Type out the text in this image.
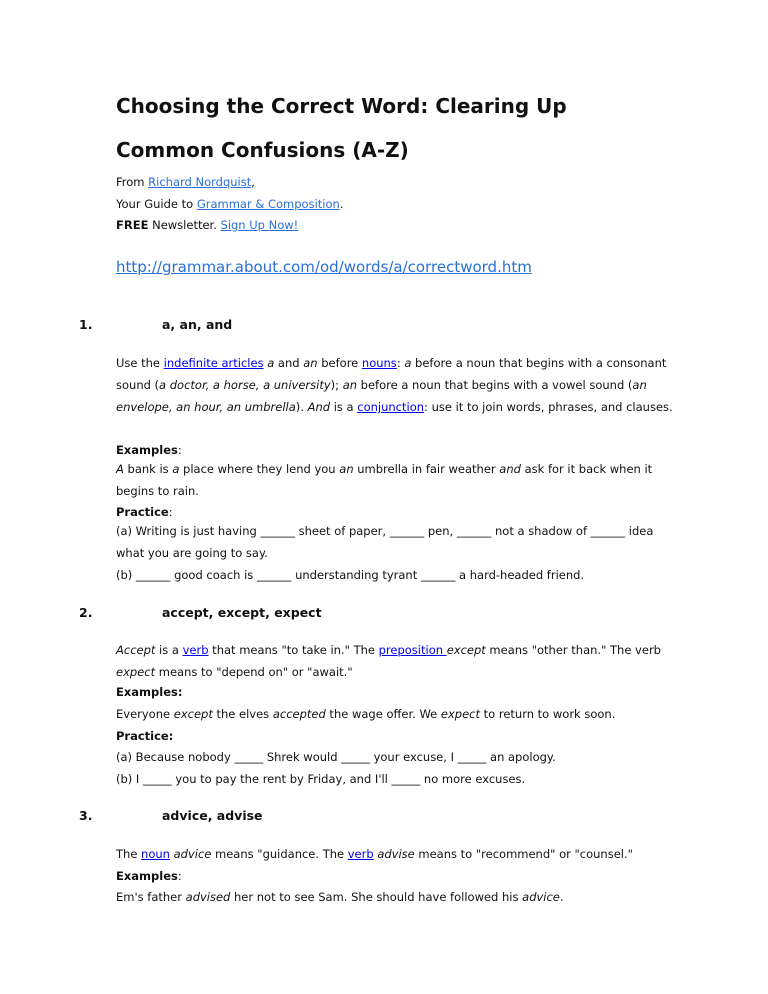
Choosing the Correct Word: Clearing Up
Common Confusions (A-Z)
From Richard Nordquist,
Your Guide to Grammar & Composition.
FREE Newsletter. Sign Up Now!
http://grammar.about.com/od/words/a/correctword.htm
1.	a, an, and

Use the indefinite articles a and an before nouns: a before a noun that begins with a consonant sound (a doctor, a horse, a university); an before a noun that begins with a vowel sound (an envelope, an hour, an umbrella). And is a conjunction: use it to join words, phrases, and clauses.

Examples:

A bank is a place where they lend you an umbrella in fair weather and ask for it back when it begins to rain.

Practice:

(a) Writing is just having ______ sheet of paper, ______ pen, ______ not a shadow of ______ idea what you are going to say.

(b) ______ good coach is ______ understanding tyrant ______ a hard-headed friend.

2.	accept, except, expect

Accept is a verb that means "to take in." The preposition except means "other than." The verb expect means to "depend on" or "await."

Examples:

Everyone except the elves accepted the wage offer. We expect to return to work soon.

Practice:

(a) Because nobody _____ Shrek would _____ your excuse, I _____ an apology.

(b) I _____ you to pay the rent by Friday, and I'll _____ no more excuses.

3.	advice, advise

The noun advice means "guidance. The verb advise means to "recommend" or "counsel."

Examples:

Em's father advised her not to see Sam. She should have followed his advice.
